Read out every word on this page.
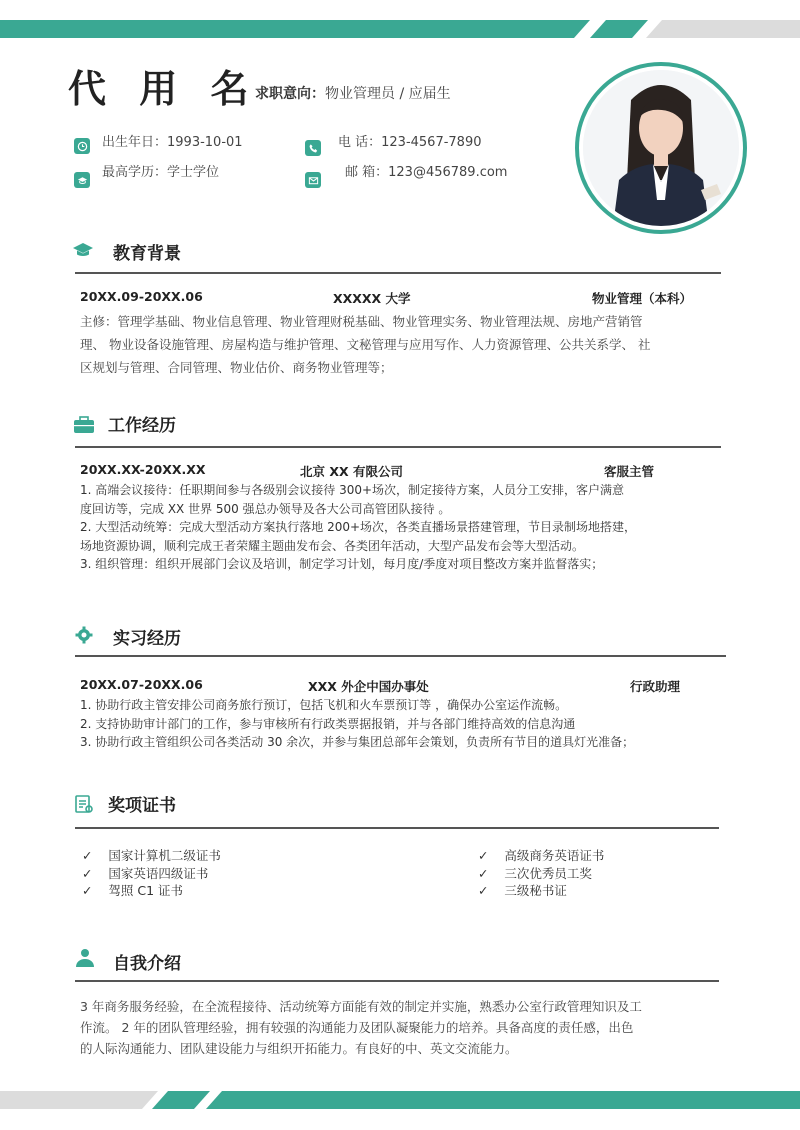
代 用 名
求职意向：物业管理员 / 应届生
出生年日：1993-10-01
最高学历：学士学位
电 话：123-4567-7890
邮 箱：123@456789.com
教育背景
20XX.09-20XX.06	XXXXX 大学	物业管理（本科）
主修：管理学基础、物业信息管理、物业管理财税基础、物业管理实务、物业管理法规、房地产营销管
理、 物业设备设施管理、房屋构造与维护管理、文秘管理与应用写作、人力资源管理、公共关系学、 社
区规划与管理、合同管理、物业估价、商务物业管理等；
工作经历
20XX.XX-20XX.XX	北京 XX 有限公司	客服主管
1. 高端会议接待：任职期间参与各级别会议接待 300+场次，制定接待方案，人员分工安排，客户满意
度回访等，完成 XX 世界 500 强总办领导及各大公司高管团队接待 。
2. 大型活动统筹：完成大型活动方案执行落地 200+场次，各类直播场景搭建管理，节目录制场地搭建，
场地资源协调，顺利完成王者荣耀主题曲发布会、各类团年活动，大型产品发布会等大型活动。
3. 组织管理：组织开展部门会议及培训，制定学习计划，每月度/季度对项目整改方案并监督落实；
实习经历
20XX.07-20XX.06	XXX 外企中国办事处	行政助理
1. 协助行政主管安排公司商务旅行预订，包括飞机和火车票预订等 ，确保办公室运作流畅。
2. 支持协助审计部门的工作，参与审核所有行政类票据报销，并与各部门维持高效的信息沟通
3. 协助行政主管组织公司各类活动 30 余次，并参与集团总部年会策划，负责所有节目的道具灯光准备；
奖项证书
✓ 国家计算机二级证书
✓ 国家英语四级证书
✓ 驾照 C1 证书
✓ 高级商务英语证书
✓ 三次优秀员工奖
✓ 三级秘书证
自我介绍
3 年商务服务经验，在全流程接待、活动统筹方面能有效的制定并实施，熟悉办公室行政管理知识及工
作流。 2 年的团队管理经验，拥有较强的沟通能力及团队凝聚能力的培养。具备高度的责任感，出色
的人际沟通能力、团队建设能力与组织开拓能力。有良好的中、英文交流能力。
